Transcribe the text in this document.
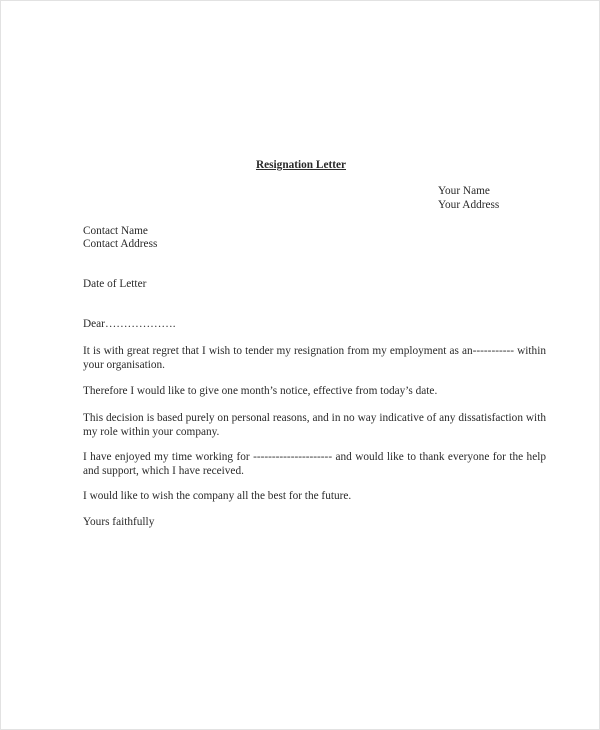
Resignation Letter
Your Name
Your Address
Contact Name
Contact Address
Date of Letter
Dear……………….
It is with great regret that I wish to tender my resignation from my employment as an----------- within your organisation.
Therefore I would like to give one month’s notice, effective from today’s date.
This decision is based purely on personal reasons, and in no way indicative of any dissatisfaction with my role within your company.
I have enjoyed my time working for --------------------- and would like to thank everyone for the help and support, which I have received.
I would like to wish the company all the best for the future.
Yours faithfully
